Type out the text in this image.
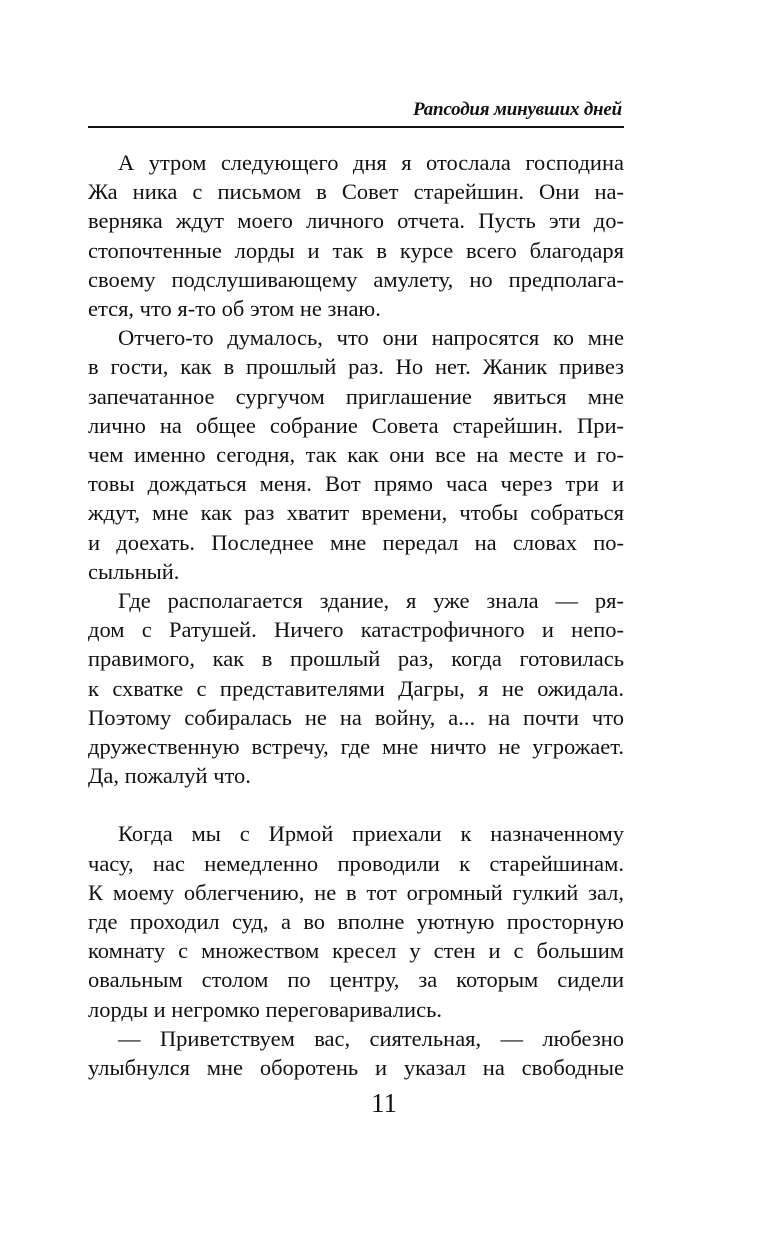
Рапсодия минувших дней

А утром следующего дня я отослала господина
Жа ника с письмом в Совет старейшин. Они на-
верняка ждут моего личного отчета. Пусть эти до-
стопочтенные лорды и так в курсе всего благодаря
своему подслушивающему амулету, но предполага-
ется, что я-то об этом не знаю.

Отчего-то думалось, что они напросятся ко мне
в гости, как в прошлый раз. Но нет. Жаник привез
запечатанное сургучом приглашение явиться мне
лично на общее собрание Совета старейшин. При-
чем именно сегодня, так как они все на месте и го-
товы дождаться меня. Вот прямо часа через три и
ждут, мне как раз хватит времени, чтобы собраться
и доехать. Последнее мне передал на словах по-
сыльный.

Где располагается здание, я уже знала — ря-
дом с Ратушей. Ничего катастрофичного и непо-
правимого, как в прошлый раз, когда готовилась
к схватке с представителями Дагры, я не ожидала.
Поэтому собиралась не на войну, а... на почти что
дружественную встречу, где мне ничто не угрожает.
Да, пожалуй что.

Когда мы с Ирмой приехали к назначенному
часу, нас немедленно проводили к старейшинам.
К моему облегчению, не в тот огромный гулкий зал,
где проходил суд, а во вполне уютную просторную
комнату с множеством кресел у стен и с большим
овальным столом по центру, за которым сидели
лорды и негромко переговаривались.

— Приветствуем вас, сиятельная, — любезно
улыбнулся мне оборотень и указал на свободные

11
